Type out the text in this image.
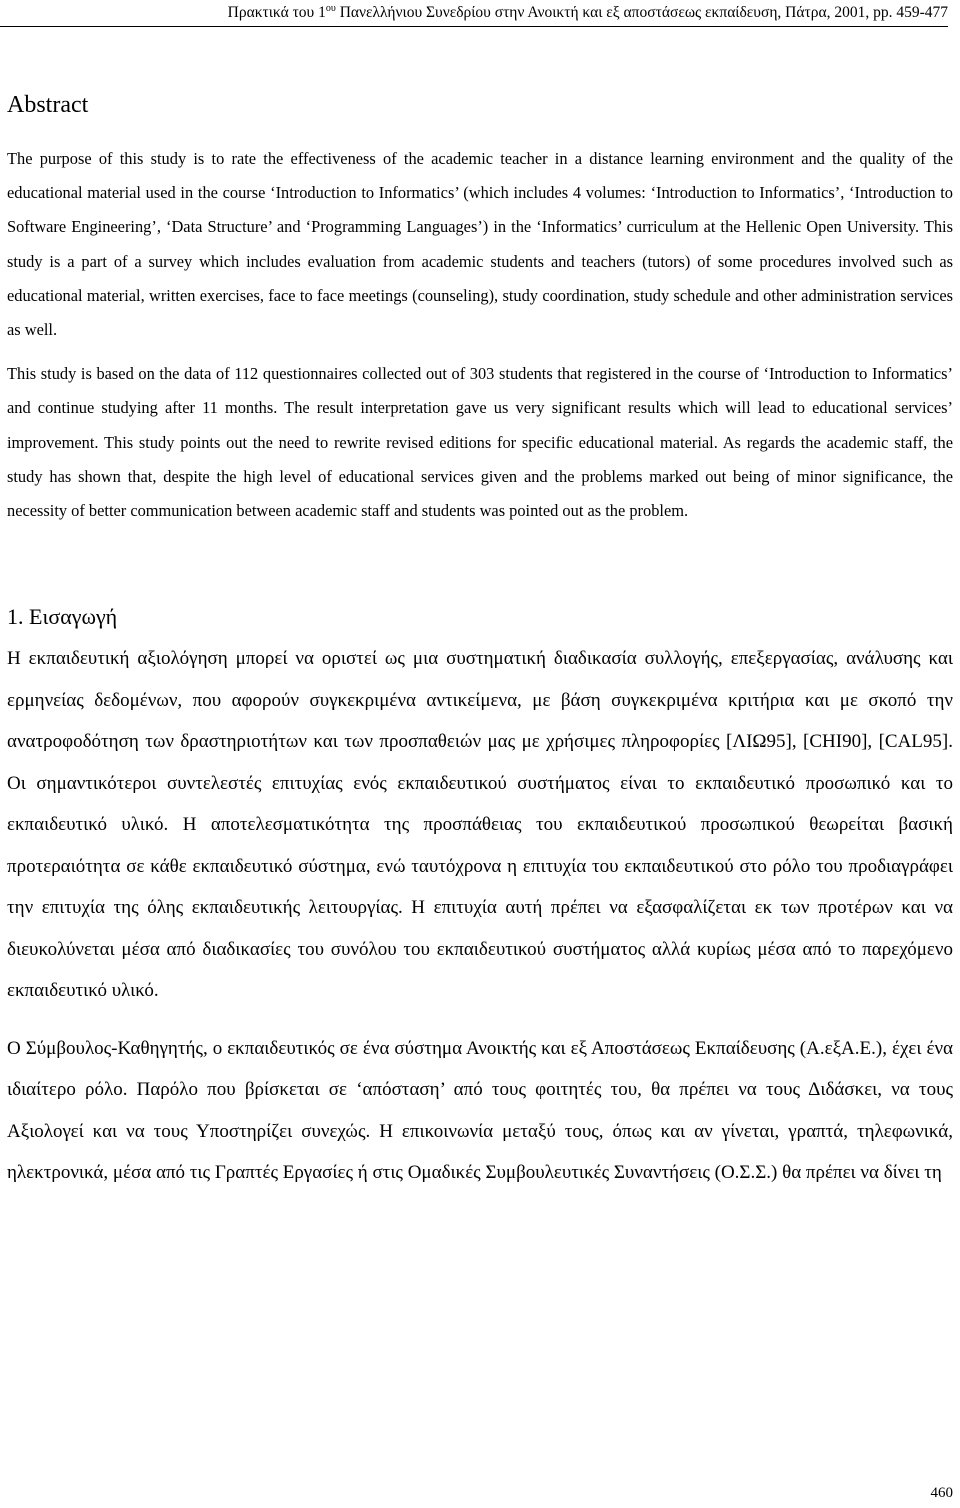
Πρακτικά του $1^{o\upsilon}$ Πανελλήνιου Συνεδρίου στην Ανοικτή και εξ αποστάσεως εκπαίδευση, Πάτρα, 2001, pp. 459-477
Abstract

The purpose of this study is to rate the effectiveness of the academic teacher in a distance learning environment and the quality of the educational material used in the course ‘Introduction to Informatics’ (which includes 4 volumes: ‘Introduction to Informatics’, ‘Introduction to Software Engineering’, ‘Data Structure’ and ‘Programming Languages’) in the ‘Informatics’ curriculum at the Hellenic Open University. This study is a part of a survey which includes evaluation from academic students and teachers (tutors) of some procedures involved such as educational material, written exercises, face to face meetings (counseling), study coordination, study schedule and other administration services as well.

This study is based on the data of 112 questionnaires collected out of 303 students that registered in the course of ‘Introduction to Informatics’ and continue studying after 11 months. The result interpretation gave us very significant results which will lead to educational services’ improvement. This study points out the need to rewrite revised editions for specific educational material. As regards the academic staff, the study has shown that, despite the high level of educational services given and the problems marked out being of minor significance, the necessity of better communication between academic staff and students was pointed out as the problem.

1. Εισαγωγή

Η εκπαιδευτική αξιολόγηση μπορεί να οριστεί ως μια συστηματική διαδικασία συλλογής, επεξεργασίας, ανάλυσης και ερμηνείας δεδομένων, που αφορούν συγκεκριμένα αντικείμενα, με βάση συγκεκριμένα κριτήρια και με σκοπό την ανατροφοδότηση των δραστηριοτήτων και των προσπαθειών μας με χρήσιμες πληροφορίες [ΛΙΩ95], [CHI90], [CAL95]. Οι σημαντικότεροι συντελεστές επιτυχίας ενός εκπαιδευτικού συστήματος είναι το εκπαιδευτικό προσωπικό και το εκπαιδευτικό υλικό. Η αποτελεσματικότητα της προσπάθειας του εκπαιδευτικού προσωπικού θεωρείται βασική προτεραιότητα σε κάθε εκπαιδευτικό σύστημα, ενώ ταυτόχρονα η επιτυχία του εκπαιδευτικού στο ρόλο του προδιαγράφει την επιτυχία της όλης εκπαιδευτικής λειτουργίας. Η επιτυχία αυτή πρέπει να εξασφαλίζεται εκ των προτέρων και να διευκολύνεται μέσα από διαδικασίες του συνόλου του εκπαιδευτικού συστήματος αλλά κυρίως μέσα από το παρεχόμενο εκπαιδευτικό υλικό.

Ο Σύμβουλος-Καθηγητής, ο εκπαιδευτικός σε ένα σύστημα Ανοικτής και εξ Αποστάσεως Εκπαίδευσης (Α.εξΑ.Ε.), έχει ένα ιδιαίτερο ρόλο. Παρόλο που βρίσκεται σε ‘απόσταση’ από τους φοιτητές του, θα πρέπει να τους Διδάσκει, να τους Αξιολογεί και να τους Υποστηρίζει συνεχώς. Η επικοινωνία μεταξύ τους, όπως και αν γίνεται, γραπτά, τηλεφωνικά, ηλεκτρονικά, μέσα από τις Γραπτές Εργασίες ή στις Ομαδικές Συμβουλευτικές Συναντήσεις (Ο.Σ.Σ.) θα πρέπει να δίνει τη

460
